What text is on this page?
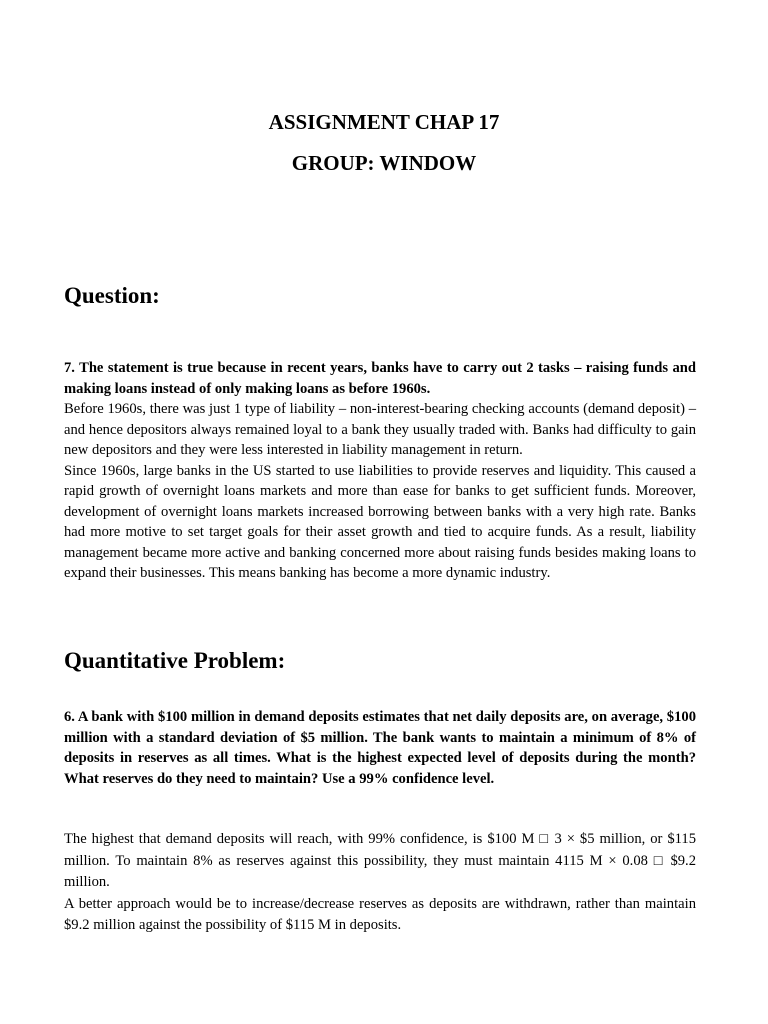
ASSIGNMENT CHAP 17
GROUP: WINDOW
Question:

7. The statement is true because in recent years, banks have to carry out 2 tasks – raising funds and making loans instead of only making loans as before 1960s.

Before 1960s, there was just 1 type of liability – non-interest-bearing checking accounts (demand deposit) – and hence depositors always remained loyal to a bank they usually traded with. Banks had difficulty to gain new depositors and they were less interested in liability management in return.

Since 1960s, large banks in the US started to use liabilities to provide reserves and liquidity. This caused a rapid growth of overnight loans markets and more than ease for banks to get sufficient funds. Moreover, development of overnight loans markets increased borrowing between banks with a very high rate. Banks had more motive to set target goals for their asset growth and tied to acquire funds. As a result, liability management became more active and banking concerned more about raising funds besides making loans to expand their businesses. This means banking has become a more dynamic industry.

Quantitative Problem:

6. A bank with $100 million in demand deposits estimates that net daily deposits are, on average, $100 million with a standard deviation of $5 million. The bank wants to maintain a minimum of 8% of deposits in reserves as all times. What is the highest expected level of deposits during the month? What reserves do they need to maintain? Use a 99% confidence level.

The highest that demand deposits will reach, with 99% confidence, is $100 M □ 3 × $5 million, or $115 million. To maintain 8% as reserves against this possibility, they must maintain 4115 M × 0.08 □ $9.2 million.

A better approach would be to increase/decrease reserves as deposits are withdrawn, rather than maintain $9.2 million against the possibility of $115 M in deposits.
